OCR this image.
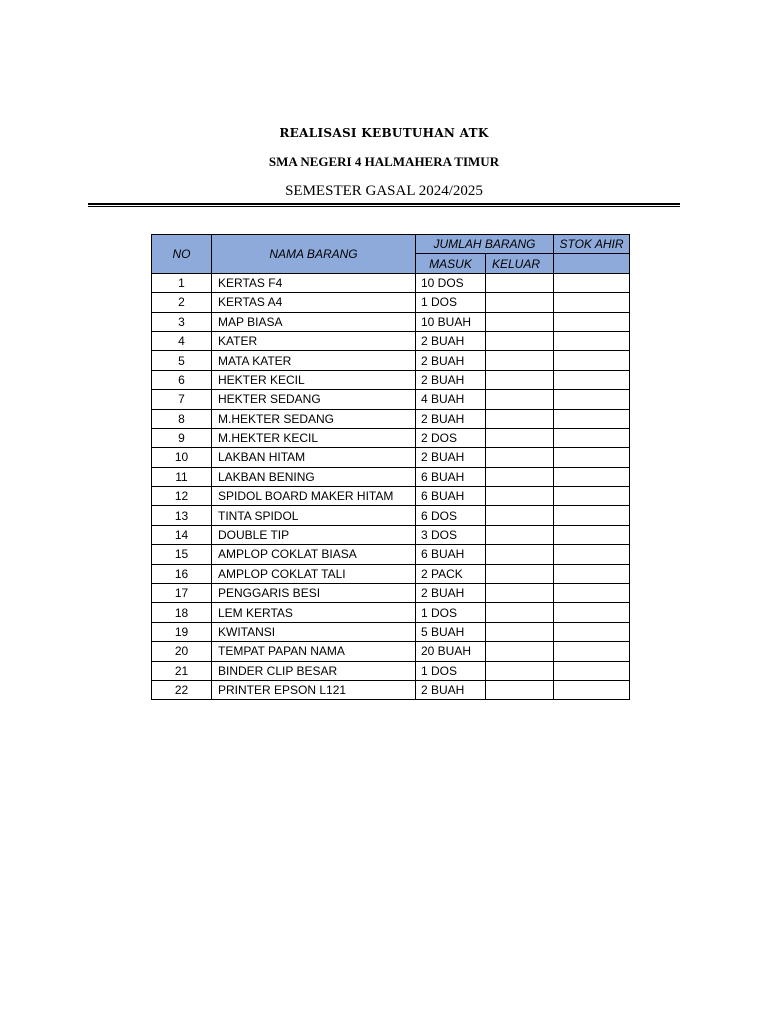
REALISASI KEBUTUHAN ATK
SMA NEGERI 4 HALMAHERA TIMUR
SEMESTER GASAL 2024/2025
NO	NAMA BARANG	JUMLAH BARANG		STOK AHIR
		MASUK	KELUAR	
1	KERTAS F4	10 DOS		
2	KERTAS A4	1 DOS		
3	MAP BIASA	10 BUAH		
4	KATER	2 BUAH		
5	MATA KATER	2 BUAH		
6	HEKTER KECIL	2 BUAH		
7	HEKTER SEDANG	4 BUAH		
8	M.HEKTER SEDANG	2 BUAH		
9	M.HEKTER KECIL	2 DOS		
10	LAKBAN HITAM	2 BUAH		
11	LAKBAN BENING	6 BUAH		
12	SPIDOL BOARD MAKER HITAM	6 BUAH		
13	TINTA SPIDOL	6 DOS		
14	DOUBLE TIP	3 DOS		
15	AMPLOP COKLAT BIASA	6 BUAH		
16	AMPLOP COKLAT TALI	2 PACK		
17	PENGGARIS BESI	2 BUAH		
18	LEM KERTAS	1 DOS		
19	KWITANSI	5 BUAH		
20	TEMPAT PAPAN NAMA	20 BUAH		
21	BINDER CLIP BESAR	1 DOS		
22	PRINTER EPSON L121	2 BUAH		
